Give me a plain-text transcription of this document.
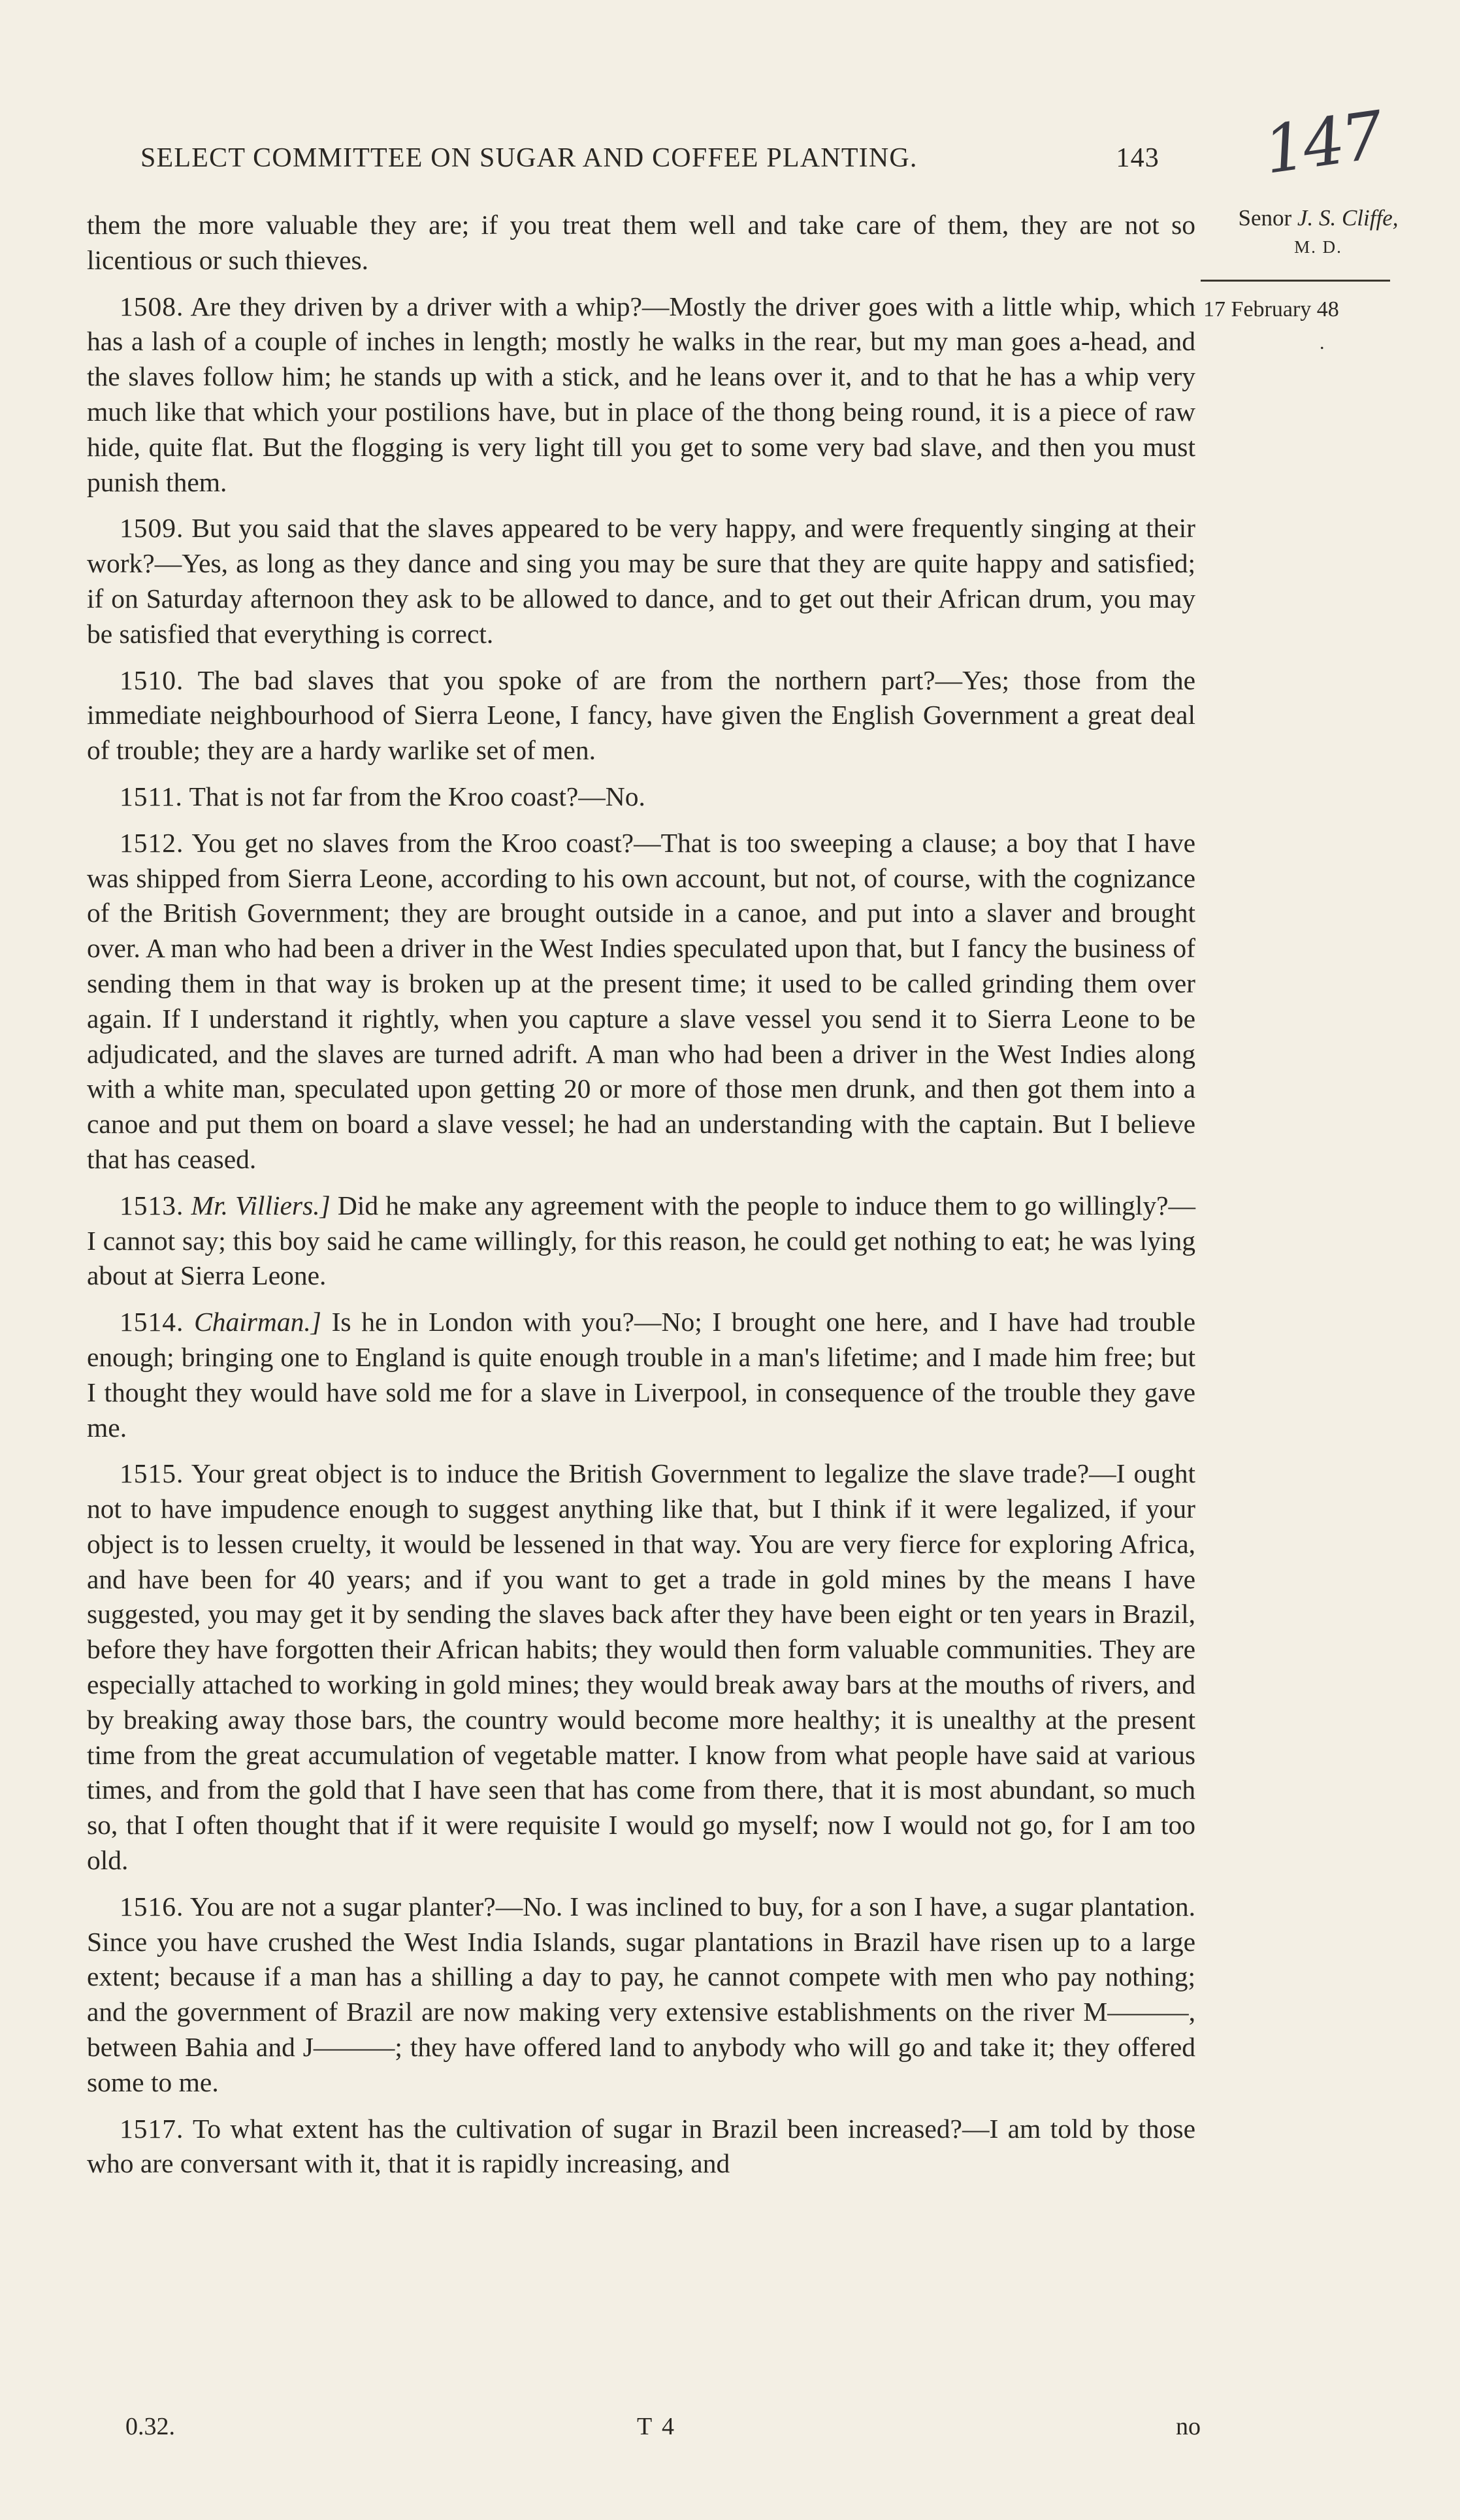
SELECT COMMITTEE ON SUGAR AND COFFEE PLANTING.	143 147
Senor J. S. Cliffe,
M. D.
17 February 48
.

them the more valuable they are; if you treat them well and take care of them, they are not so licentious or such thieves.

1508. Are they driven by a driver with a whip?—Mostly the driver goes with a little whip, which has a lash of a couple of inches in length; mostly he walks in the rear, but my man goes a-head, and the slaves follow him; he stands up with a stick, and he leans over it, and to that he has a whip very much like that which your postilions have, but in place of the thong being round, it is a piece of raw hide, quite flat. But the flogging is very light till you get to some very bad slave, and then you must punish them.

1509. But you said that the slaves appeared to be very happy, and were frequently singing at their work?—Yes, as long as they dance and sing you may be sure that they are quite happy and satisfied; if on Saturday afternoon they ask to be allowed to dance, and to get out their African drum, you may be satisfied that everything is correct.

1510. The bad slaves that you spoke of are from the northern part?—Yes; those from the immediate neighbourhood of Sierra Leone, I fancy, have given the English Government a great deal of trouble; they are a hardy warlike set of men.

1511. That is not far from the Kroo coast?—No.

1512. You get no slaves from the Kroo coast?—That is too sweeping a clause; a boy that I have was shipped from Sierra Leone, according to his own account, but not, of course, with the cognizance of the British Government; they are brought outside in a canoe, and put into a slaver and brought over. A man who had been a driver in the West Indies speculated upon that, but I fancy the business of sending them in that way is broken up at the present time; it used to be called grinding them over again. If I understand it rightly, when you capture a slave vessel you send it to Sierra Leone to be adjudicated, and the slaves are turned adrift. A man who had been a driver in the West Indies along with a white man, speculated upon getting 20 or more of those men drunk, and then got them into a canoe and put them on board a slave vessel; he had an understanding with the captain. But I believe that has ceased.

1513. Mr. Villiers.] Did he make any agreement with the people to induce them to go willingly?—I cannot say; this boy said he came willingly, for this reason, he could get nothing to eat; he was lying about at Sierra Leone.

1514. Chairman.] Is he in London with you?—No; I brought one here, and I have had trouble enough; bringing one to England is quite enough trouble in a man's lifetime; and I made him free; but I thought they would have sold me for a slave in Liverpool, in consequence of the trouble they gave me.

1515. Your great object is to induce the British Government to legalize the slave trade?—I ought not to have impudence enough to suggest anything like that, but I think if it were legalized, if your object is to lessen cruelty, it would be lessened in that way. You are very fierce for exploring Africa, and have been for 40 years; and if you want to get a trade in gold mines by the means I have suggested, you may get it by sending the slaves back after they have been eight or ten years in Brazil, before they have forgotten their African habits; they would then form valuable communities. They are especially attached to working in gold mines; they would break away bars at the mouths of rivers, and by breaking away those bars, the country would become more healthy; it is unealthy at the present time from the great accumulation of vegetable matter. I know from what people have said at various times, and from the gold that I have seen that has come from there, that it is most abundant, so much so, that I often thought that if it were requisite I would go myself; now I would not go, for I am too old.

1516. You are not a sugar planter?—No. I was inclined to buy, for a son I have, a sugar plantation. Since you have crushed the West India Islands, sugar plantations in Brazil have risen up to a large extent; because if a man has a shilling a day to pay, he cannot compete with men who pay nothing; and the government of Brazil are now making very extensive establishments on the river M———, between Bahia and J———; they have offered land to anybody who will go and take it; they offered some to me.

1517. To what extent has the cultivation of sugar in Brazil been increased?—I am told by those who are conversant with it, that it is rapidly increasing, and

0.32.	T 4	no
